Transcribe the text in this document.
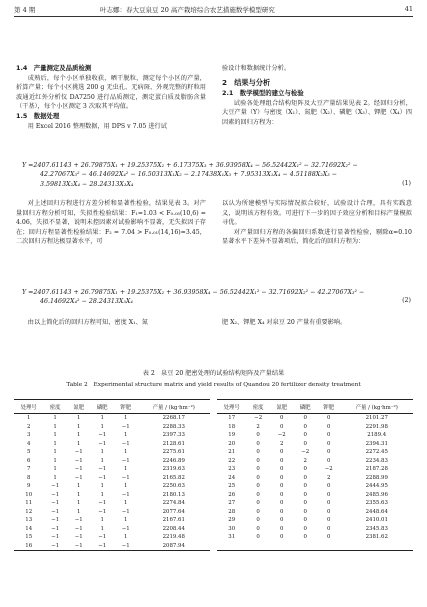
第 4 期	叶志娜：春大豆泉豆 20 高产栽培综合农艺措施数学模型研究	41
1.4　产量测定及品质检测

成熟后，每个小区单独收获，晒干脱粒，测定每个小区的产量，折算产量；每个小区挑选 200 g 无虫孔、无病斑、外观完整的籽粒用波通近红外分析仪 DA7250 进行品质测定，测定蛋白质及脂肪含量（干基），每个小区测定 3 次取其平均值。

1.5　数据处理

用 Excel 2016 整理数据，用 DPS v 7.05 进行试

验设计和数据统计分析。

2　结果与分析
2.1　数学模型的建立与检验

试验各处理组合结构矩阵及大豆产量结果见表 2。经回归分析，大豆产量（Y）与密度（X₁）、氮肥（X₂）、磷肥（X₃）、钾肥（X₄）四因素的回归方程为：

Y =2407.61143 + 26.79875X₁ + 19.25375X₂ + 6.17375X₃ + 36.93958X₄ − 56.52442X₁² − 32.71692X₂² −
42.27067X₃² − 46.14692X₄² − 16.50313X₁X₂ − 2.17438X₁X₃ + 7.95313X₁X₄ − 4.51188X₂X₃ −
3.59813X₂X₄ − 28.24313X₃X₄	(1)

对上述回归方程进行方差分析和显著性检验，结果见表 3。对产量回归方程分析可知，失拟性检验结果：F₁=1.03 < F₀.₀₅(10,6) = 4.06，失拟不显著，说明未控因素对试验影响不显著，无失拟因子存在；回归方程显著性检验结果：F₂ = 7.04 > F₀.₀₁(14,16)=3.45，二次回归方程达极显著水平，可

以认为所建模型与实际情况拟合较好，试验设计合理，具有实践意义，说明该方程有效。可进行下一步的因子效应分析和目标产量模拟寻优。

对产量回归方程的各偏回归系数进行显著性检验，剔除α=0.10 显著水平下差异不显著项后，简化后的回归方程为：

Y =2407.61143 + 26.79875X₁ + 19.25375X₂ + 36.93958X₄ − 56.52442X₁² − 32.71692X₂² − 42.27067X₃² −
46.14692X₄² − 28.24313X₃X₄	(2)

由以上简化后的回归方程可知，密度 X₁、氮	肥 X₂、钾肥 X₄ 对泉豆 20 产量有重要影响。

表 2　泉豆 20 肥密处理的试验结构矩阵及产量结果
Table 2　Experimental structure matrix and yield results of Quandou 20 fertilizer density treatment
处理号	密度	氮肥	磷肥	钾肥	产量 / (kg·hm⁻²)
1	1	1	1	1	2268.17
2	1	1	1	−1	2288.33
3	1	1	−1	1	2397.33
4	1	1	−1	−1	2128.61
5	1	−1	1	1	2275.61
6	1	−1	1	−1	2246.89
7	1	−1	−1	1	2319.63
8	1	−1	−1	−1	2165.82
9	−1	1	1	1	2250.63
10	−1	1	1	−1	2180.13
11	−1	1	−1	1	2274.84
12	−1	1	−1	−1	2077.64
13	−1	−1	1	1	2167.61
14	−1	−1	1	−1	2208.44
15	−1	−1	−1	1	2219.48
16	−1	−1	−1	−1	2087.94
处理号	密度	氮肥	磷肥	钾肥	产量 / (kg·hm⁻²)
17	−2	0	0	0	2101.27
18	2	0	0	0	2291.98
19	0	−2	0	0	2189.4
20	0	2	0	0	2394.31
21	0	0	−2	0	2272.45
22	0	0	2	0	2234.83
23	0	0	0	−2	2187.28
24	0	0	0	2	2288.99
25	0	0	0	0	2444.95
26	0	0	0	0	2485.96
27	0	0	0	0	2355.63
28	0	0	0	0	2448.64
29	0	0	0	0	2410.01
30	0	0	0	0	2345.83
31	0	0	0	0	2381.62
